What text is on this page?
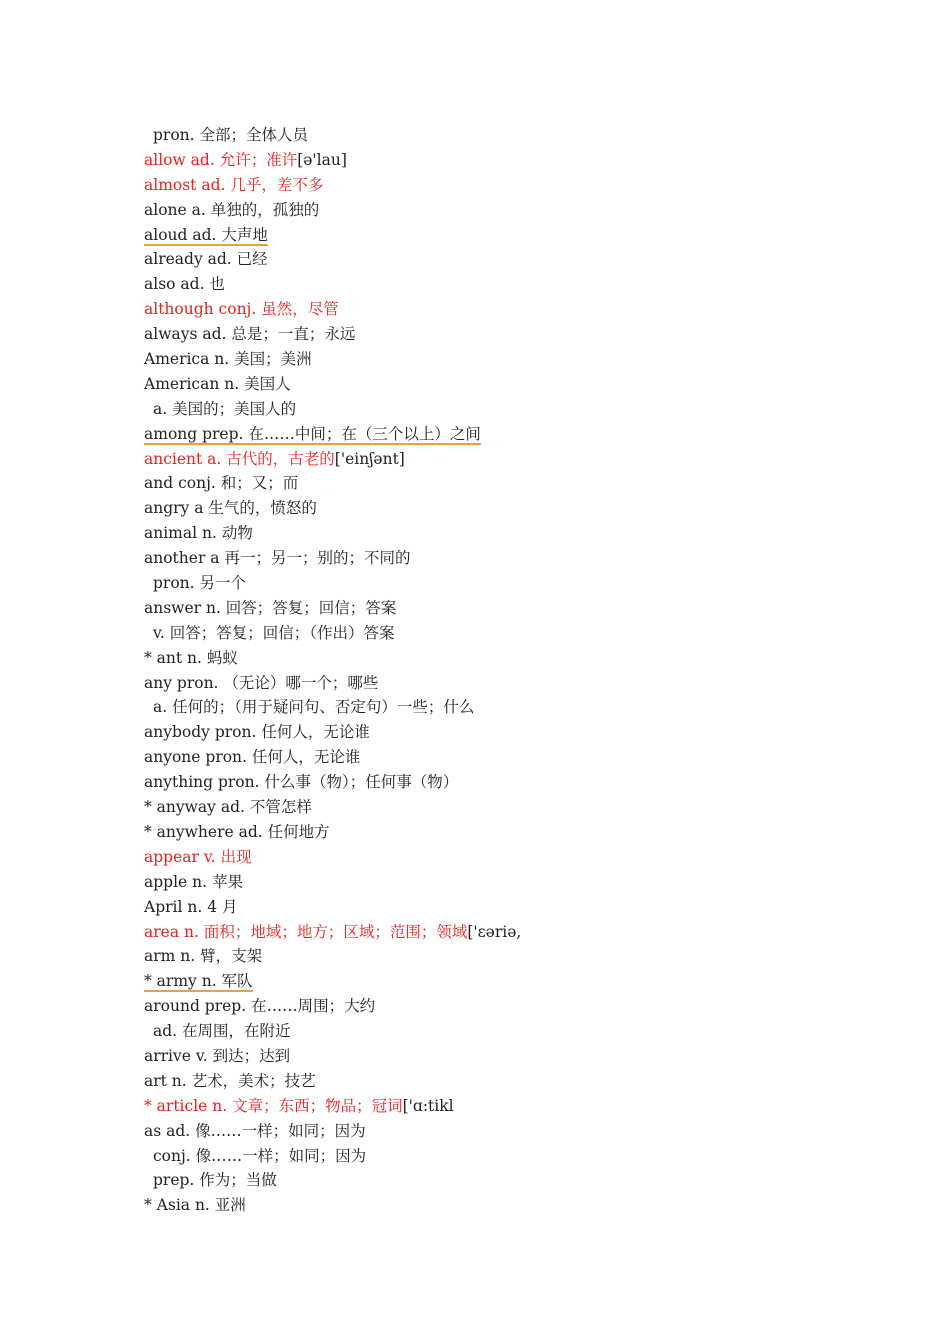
pron. 全部；全体人员
allow ad. 允许；准许[ə'lau]
almost ad. 几乎，差不多
alone a. 单独的，孤独的
aloud ad. 大声地
already ad. 已经
also ad. 也
although conj. 虽然，尽管
always ad. 总是；一直；永远
America n. 美国；美洲
American n. 美国人
a. 美国的；美国人的
among prep. 在……中间；在（三个以上）之间
ancient a. 古代的，古老的['einʃənt]
and conj. 和；又；而
angry a 生气的，愤怒的
animal n. 动物
another a 再一；另一；别的；不同的
pron. 另一个
answer n. 回答；答复；回信；答案
v. 回答；答复；回信；（作出）答案
* ant n. 蚂蚁
any pron. （无论）哪一个；哪些
a. 任何的；（用于疑问句、否定句）一些；什么
anybody pron. 任何人，无论谁
anyone pron. 任何人，无论谁
anything pron. 什么事（物）；任何事（物）
* anyway ad. 不管怎样
* anywhere ad. 任何地方
appear v. 出现
apple n. 苹果
April n. 4 月
area n. 面积；地域；地方；区域；范围；领域['ɛəriə,
arm n. 臂，支架
* army n. 军队
around prep. 在……周围；大约
ad. 在周围，在附近
arrive v. 到达；达到
art n. 艺术，美术；技艺
* article n. 文章；东西；物品；冠词['ɑ:tikl
as ad. 像……一样；如同；因为
conj. 像……一样；如同；因为
prep. 作为；当做
* Asia n. 亚洲
